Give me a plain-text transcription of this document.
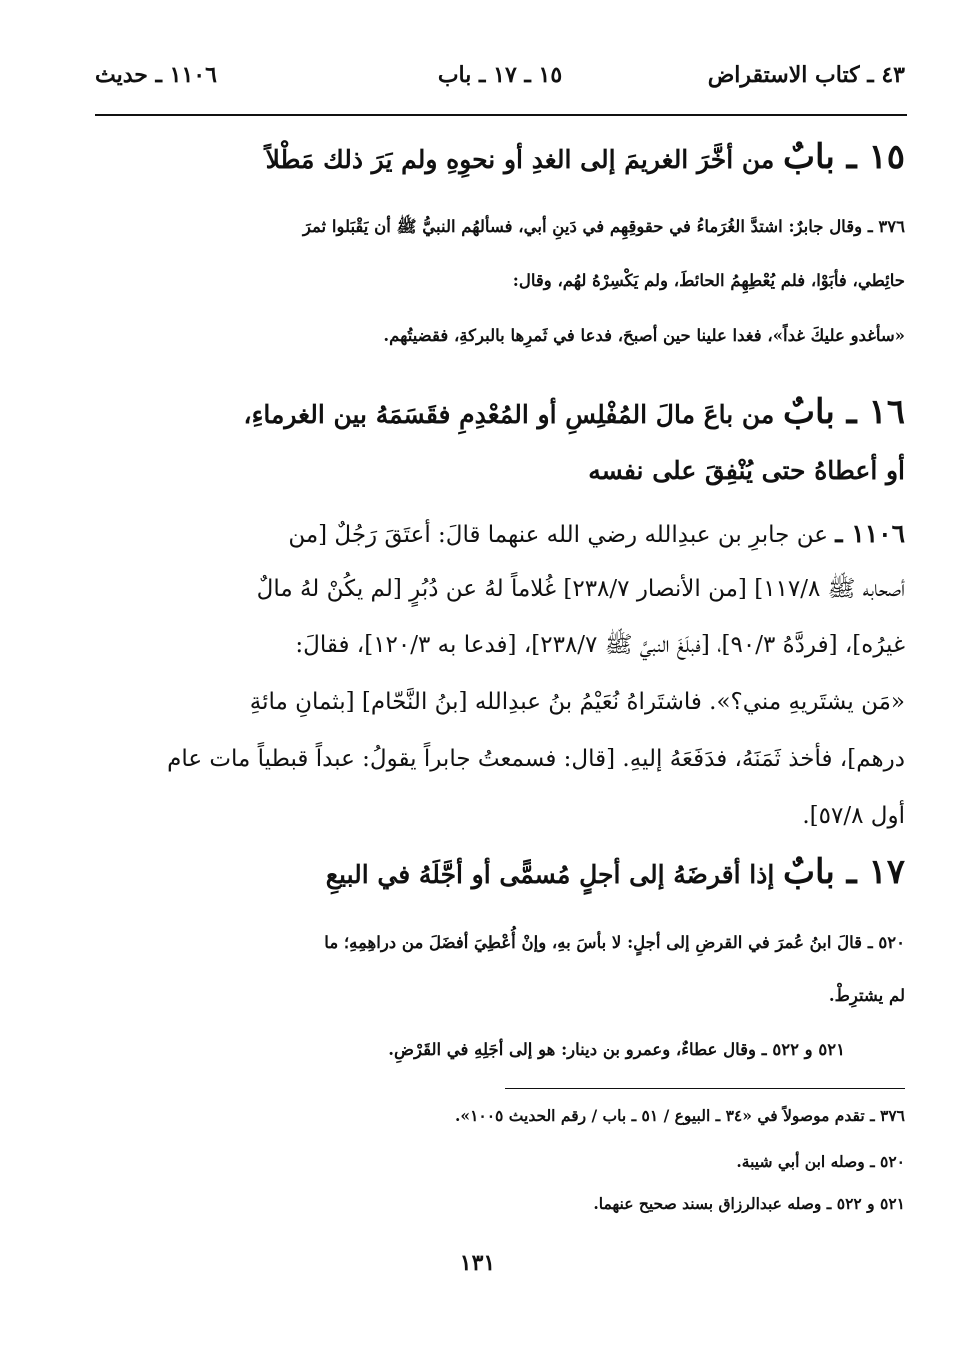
٤٣ ـ كتاب الاستقراض
١٥ ـ ١٧ ـ باب
١١٠٦ ـ حديث
١٥ ـ بابٌ من أخَّرَ الغريمَ إلى الغدِ أو نحوِهِ ولم يَرَ ذلك مَطْلاً
٣٧٦ ـ وقال جابرٌ: اشتدَّ الغُرَماءُ في حقوقِهِم في دَينِ أبي، فسألهُم النبيُّ ﷺ أن يَقْبَلوا ثمرَ
حائِطي، فأبَوْا، فلم يُعْطِهِمُ الحائطَ، ولم يَكْسِرْهُ لهُم، وقال:
«سأغدو عليكَ غداً»، فغدا علينا حين أصبحَ، فدعا في ثَمرِها بالبركةِ، فقضيتُهم.
١٦ ـ بابٌ من باعَ مالَ المُفْلِسِ أو المُعْدِمِ فقَسَمَهُ بين الغرماءِ،
أو أعطاهُ حتى يُنْفِقَ على نفسه
١١٠٦ ـ عن جابرِ بن عبدِالله رضي الله عنهما قالَ: أعتَقَ رَجُلٌ [من
أصحابه ﷺ ١١٧/٨] [من الأنصار ٢٣٨/٧] غُلاماً لهُ عن دُبُرٍ [لم يكُنْ لهُ مالٌ
غيرُه]، [فردَّهُ ٩٠/٣]، [فبلَغَ النبيَّ ﷺ ٢٣٨/٧]، [فدعا به ١٢٠/٣]، فقالَ:
«مَن يشتَريهِ مني؟». فاشتَراهُ نُعَيْمُ بنُ عبدِالله [بنُ النَّحّام] [بثمانِ مائةِ
درهم]، فأخذ ثَمَنَهُ، فدَفَعَهُ إليهِ. [قال: فسمعتُ جابراً يقولُ: عبداً قبطياً مات عام
أول ٥٧/٨].
١٧ ـ بابٌ إذا أقرضَهُ إلى أجلٍ مُسمًّى أو أجَّلَهُ في البيعِ
٥٢٠ ـ قالَ ابنُ عُمرَ في القرضِ إلى أجلٍ: لا بأسَ بهِ، وإنْ أُعْطِيَ أفضَلَ من دراهِمِهِ؛ ما
لم يشترِطْ.
٥٢١ و ٥٢٢ ـ وقال عطاءٌ، وعمرو بن دينار: هو إلى أجَلِهِ في القَرْضِ.
٣٧٦ ـ تقدم موصولاً في «٣٤ ـ البيوع / ٥١ ـ باب / رقم الحديث ١٠٠٥».
٥٢٠ ـ وصله ابن أبي شيبة.
٥٢١ و ٥٢٢ ـ وصله عبدالرزاق بسند صحيح عنهما.
١٣١
